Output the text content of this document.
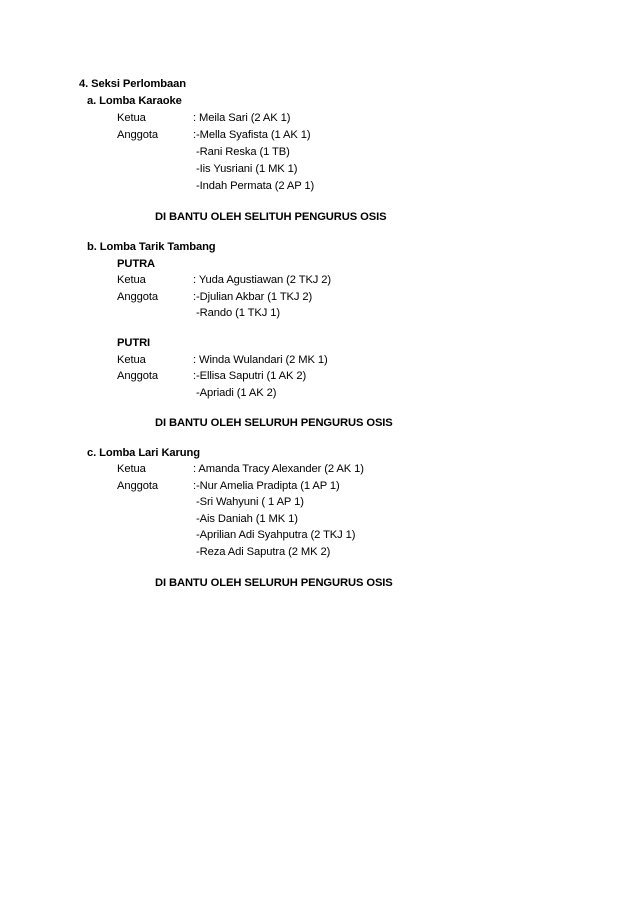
4. Seksi Perlombaan
a. Lomba Karaoke
Ketua	: Meila Sari (2 AK 1)
Anggota	:-Mella Syafista (1 AK 1)
-Rani Reska (1 TB)
-Iis Yusriani (1 MK 1)
-Indah Permata (2 AP 1)
DI BANTU OLEH SELITUH PENGURUS OSIS
b. Lomba Tarik Tambang
PUTRA
Ketua	: Yuda Agustiawan (2 TKJ 2)
Anggota	:-Djulian Akbar (1 TKJ 2)
-Rando (1 TKJ 1)
PUTRI
Ketua	: Winda Wulandari (2 MK 1)
Anggota	:-Ellisa Saputri (1 AK 2)
-Apriadi (1 AK 2)
DI BANTU OLEH SELURUH PENGURUS OSIS
c. Lomba Lari Karung
Ketua	: Amanda Tracy Alexander (2 AK 1)
Anggota	:-Nur Amelia Pradipta (1 AP 1)
-Sri Wahyuni ( 1 AP 1)
-Ais Daniah (1 MK 1)
-Aprilian Adi Syahputra (2 TKJ 1)
-Reza Adi Saputra (2 MK 2)
DI BANTU OLEH SELURUH PENGURUS OSIS
